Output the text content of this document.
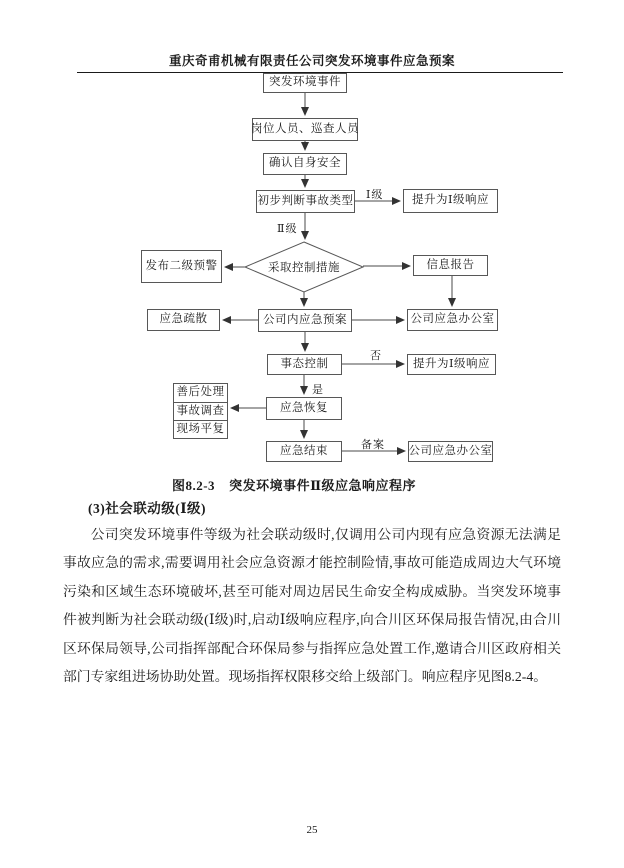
重庆奇甫机械有限责任公司突发环境事件应急预案
突发环境事件
岗位人员、巡查人员
确认自身安全
初步判断事故类型	提升为Ⅰ级响应
采取控制措施
发布二级预警	信息报告
公司内应急预案
应急疏散	公司应急办公室
事态控制	提升为Ⅰ级响应
善后处理
事故调查
现场平复
应急恢复
应急结束	公司应急办公室
Ⅰ级
Ⅱ级
否
是
备案
图8.2-3 突发环境事件Ⅱ级应急响应程序
(3)社会联动级(Ⅰ级)
公司突发环境事件等级为社会联动级时,仅调用公司内现有应急资源无法满足事故应急的需求,需要调用社会应急资源才能控制险情,事故可能造成周边大气环境污染和区域生态环境破坏,甚至可能对周边居民生命安全构成威胁。当突发环境事件被判断为社会联动级(Ⅰ级)时,启动Ⅰ级响应程序,向合川区环保局报告情况,由合川区环保局领导,公司指挥部配合环保局参与指挥应急处置工作,邀请合川区政府相关部门专家组进场协助处置。现场指挥权限移交给上级部门。响应程序见图8.2-4。
25
